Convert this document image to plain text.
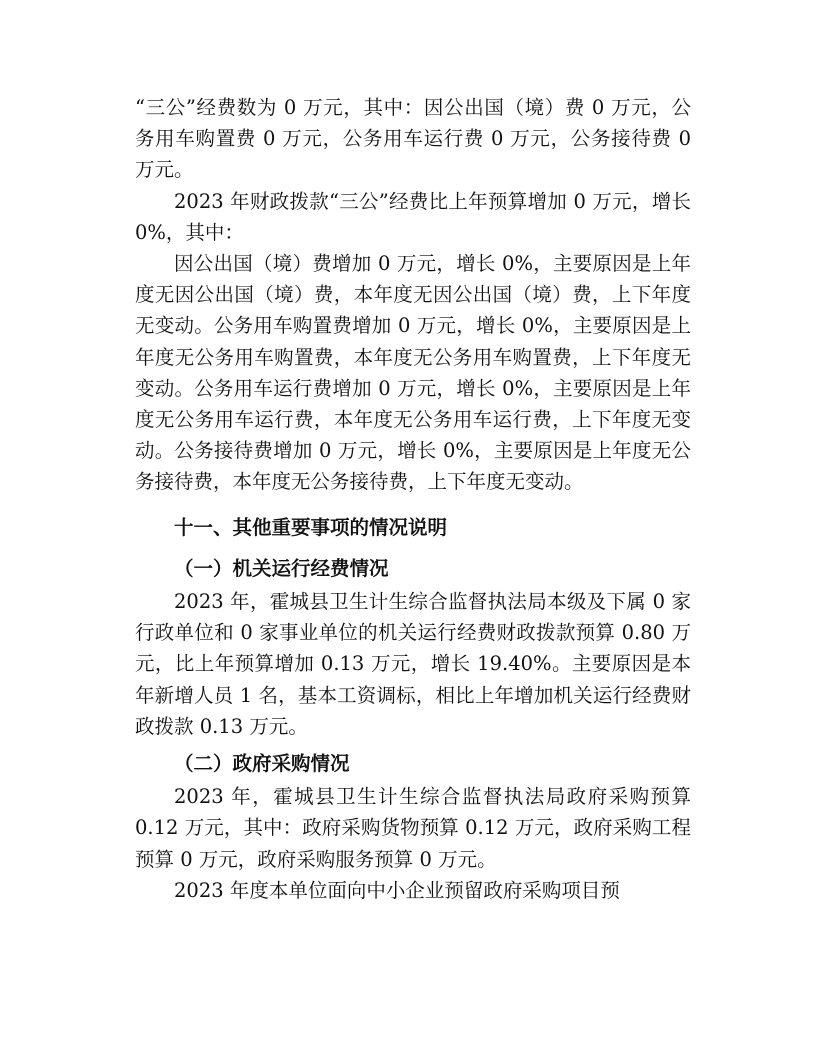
“三公”经费数为 0 万元，其中：因公出国（境）费 0 万元，公务用车购置费 0 万元，公务用车运行费 0 万元，公务接待费 0 万元。

2023 年财政拨款“三公”经费比上年预算增加 0 万元，增长 0%，其中：

因公出国（境）费增加 0 万元，增长 0%，主要原因是上年度无因公出国（境）费，本年度无因公出国（境）费，上下年度无变动。公务用车购置费增加 0 万元，增长 0%，主要原因是上年度无公务用车购置费，本年度无公务用车购置费，上下年度无变动。公务用车运行费增加 0 万元，增长 0%，主要原因是上年度无公务用车运行费，本年度无公务用车运行费，上下年度无变动。公务接待费增加 0 万元，增长 0%，主要原因是上年度无公务接待费，本年度无公务接待费，上下年度无变动。

十一、其他重要事项的情况说明

（一）机关运行经费情况

2023 年，霍城县卫生计生综合监督执法局本级及下属 0 家行政单位和 0 家事业单位的机关运行经费财政拨款预算 0.80 万元，比上年预算增加 0.13 万元，增长 19.40%。主要原因是本年新增人员 1 名，基本工资调标，相比上年增加机关运行经费财政拨款 0.13 万元。

（二）政府采购情况

2023 年，霍城县卫生计生综合监督执法局政府采购预算 0.12 万元，其中：政府采购货物预算 0.12 万元，政府采购工程预算 0 万元，政府采购服务预算 0 万元。

2023 年度本单位面向中小企业预留政府采购项目预
